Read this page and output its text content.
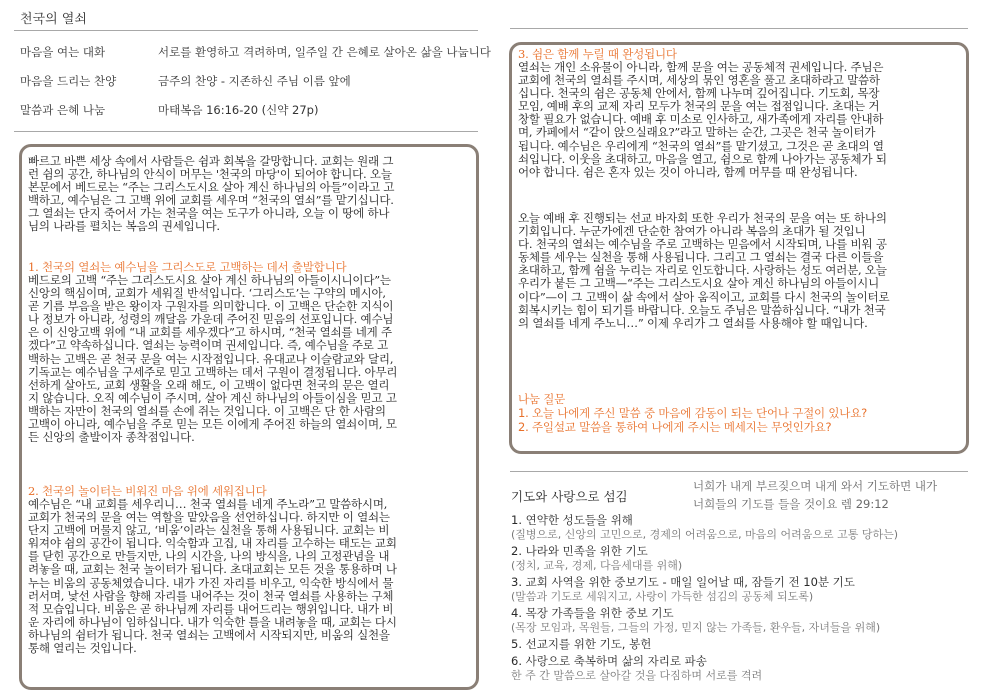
천국의 열쇠
마음을 여는 대화	서로를 환영하고 격려하며, 일주일 간 은혜로 살아온 삶을 나눕니다
마음을 드리는 찬양	금주의 찬양 - 지존하신 주님 이름 앞에
말씀과 은혜 나눔	마태복음 16:16-20 (신약 27p)
빠르고 바쁜 세상 속에서 사람들은 쉼과 회복을 갈망합니다. 교회는 원래 그
런 쉼의 공간, 하나님의 안식이 머무는 '천국의 마당'이 되어야 합니다. 오늘
본문에서 베드로는 “주는 그리스도시요 살아 계신 하나님의 아들”이라고 고
백하고, 예수님은 그 고백 위에 교회를 세우며 “천국의 열쇠”를 맡기십니다.
그 열쇠는 단지 죽어서 가는 천국을 여는 도구가 아니라, 오늘 이 땅에 하나
님의 나라를 펼치는 복음의 권세입니다.
1. 천국의 열쇠는 예수님을 그리스도로 고백하는 데서 출발합니다
베드로의 고백 “주는 그리스도시요 살아 계신 하나님의 아들이시니이다”는
신앙의 핵심이며, 교회가 세워질 반석입니다. ‘그리스도’는 구약의 메시아,
곧 기름 부음을 받은 왕이자 구원자를 의미합니다. 이 고백은 단순한 지식이
나 정보가 아니라, 성령의 깨달음 가운데 주어진 믿음의 선포입니다. 예수님
은 이 신앙고백 위에 “내 교회를 세우겠다”고 하시며, “천국 열쇠를 네게 주
겠다”고 약속하십니다. 열쇠는 능력이며 권세입니다. 즉, 예수님을 주로 고
백하는 고백은 곧 천국 문을 여는 시작점입니다. 유대교나 이슬람교와 달리,
기독교는 예수님을 구세주로 믿고 고백하는 데서 구원이 결정됩니다. 아무리
선하게 살아도, 교회 생활을 오래 해도, 이 고백이 없다면 천국의 문은 열리
지 않습니다. 오직 예수님이 주시며, 살아 계신 하나님의 아들이심을 믿고 고
백하는 자만이 천국의 열쇠를 손에 쥐는 것입니다. 이 고백은 단 한 사람의
고백이 아니라, 예수님을 주로 믿는 모든 이에게 주어진 하늘의 열쇠이며, 모
든 신앙의 출발이자 종착점입니다.
2. 천국의 놀이터는 비워진 마음 위에 세워집니다
예수님은 “내 교회를 세우리니… 천국 열쇠를 네게 주노라”고 말씀하시며,
교회가 천국의 문을 여는 역할을 맡았음을 선언하십니다. 하지만 이 열쇠는
단지 고백에 머물지 않고, ‘비움’이라는 실천을 통해 사용됩니다. 교회는 비
워져야 쉼의 공간이 됩니다. 익숙함과 고집, 내 자리를 고수하는 태도는 교회
를 닫힌 공간으로 만들지만, 나의 시간을, 나의 방식을, 나의 고정관념을 내
려놓을 때, 교회는 천국 놀이터가 됩니다. 초대교회는 모든 것을 통용하며 나
누는 비움의 공동체였습니다. 내가 가진 자리를 비우고, 익숙한 방식에서 물
러서며, 낯선 사람을 향해 자리를 내어주는 것이 천국 열쇠를 사용하는 구체
적 모습입니다. 비움은 곧 하나님께 자리를 내어드리는 행위입니다. 내가 비
운 자리에 하나님이 임하십니다. 내가 익숙한 틀을 내려놓을 때, 교회는 다시
하나님의 쉼터가 됩니다. 천국 열쇠는 고백에서 시작되지만, 비움의 실천을
통해 열리는 것입니다.
3. 쉼은 함께 누릴 때 완성됩니다
열쇠는 개인 소유물이 아니라, 함께 문을 여는 공동체적 권세입니다. 주님은
교회에 천국의 열쇠를 주시며, 세상의 묶인 영혼을 풀고 초대하라고 말씀하
십니다. 천국의 쉼은 공동체 안에서, 함께 나누며 깊어집니다. 기도회, 목장
모임, 예배 후의 교제 자리 모두가 천국의 문을 여는 접점입니다. 초대는 거
창할 필요가 없습니다. 예배 후 미소로 인사하고, 새가족에게 자리를 안내하
며, 카페에서 “같이 앉으실래요?”라고 말하는 순간, 그곳은 천국 놀이터가
됩니다. 예수님은 우리에게 “천국의 열쇠”를 맡기셨고, 그것은 곧 초대의 열
쇠입니다. 이웃을 초대하고, 마음을 열고, 쉼으로 함께 나아가는 공동체가 되
어야 합니다. 쉼은 혼자 있는 것이 아니라, 함께 머무를 때 완성됩니다.
오늘 예배 후 진행되는 선교 바자회 또한 우리가 천국의 문을 여는 또 하나의
기회입니다. 누군가에겐 단순한 참여가 아니라 복음의 초대가 될 것입니
다. 천국의 열쇠는 예수님을 주로 고백하는 믿음에서 시작되며, 나를 비워 공
동체를 세우는 실천을 통해 사용됩니다. 그리고 그 열쇠는 결국 다른 이들을
초대하고, 함께 쉼을 누리는 자리로 인도합니다. 사랑하는 성도 여러분, 오늘
우리가 붙든 그 고백—“주는 그리스도시요 살아 계신 하나님의 아들이시니
이다”—이 그 고백이 삶 속에서 살아 움직이고, 교회를 다시 천국의 놀이터로
회복시키는 힘이 되기를 바랍니다. 오늘도 주님은 말씀하십니다. “내가 천국
의 열쇠를 네게 주노니…” 이제 우리가 그 열쇠를 사용해야 할 때입니다.
나눔 질문
1. 오늘 나에게 주신 말씀 중 마음에 감동이 되는 단어나 구절이 있나요?
2. 주일설교 말씀을 통하여 나에게 주시는 메세지는 무엇인가요?
기도와 사랑으로 섬김
너희가 내게 부르짖으며 내게 와서 기도하면 내가
너희들의 기도를 들을 것이요 렘 29:12
1. 연약한 성도들을 위해
(질병으로, 신앙의 고민으로, 경제의 어려움으로, 마음의 어려움으로 고통 당하는)
2. 나라와 민족을 위한 기도
(정치, 교육, 경제, 다음세대를 위해)
3. 교회 사역을 위한 중보기도 - 매일 일어날 때, 잠들기 전 10분 기도
(말씀과 기도로 세워지고, 사랑이 가득한 섬김의 공동체 되도록)
4. 목장 가족들을 위한 중보 기도
(목장 모임과, 목원들, 그들의 가정, 믿지 않는 가족들, 환우들, 자녀들을 위해)
5. 선교지를 위한 기도, 봉헌
6. 사랑으로 축복하며 삶의 자리로 파송
한 주 간 말씀으로 살아갈 것을 다짐하며 서로를 격려
